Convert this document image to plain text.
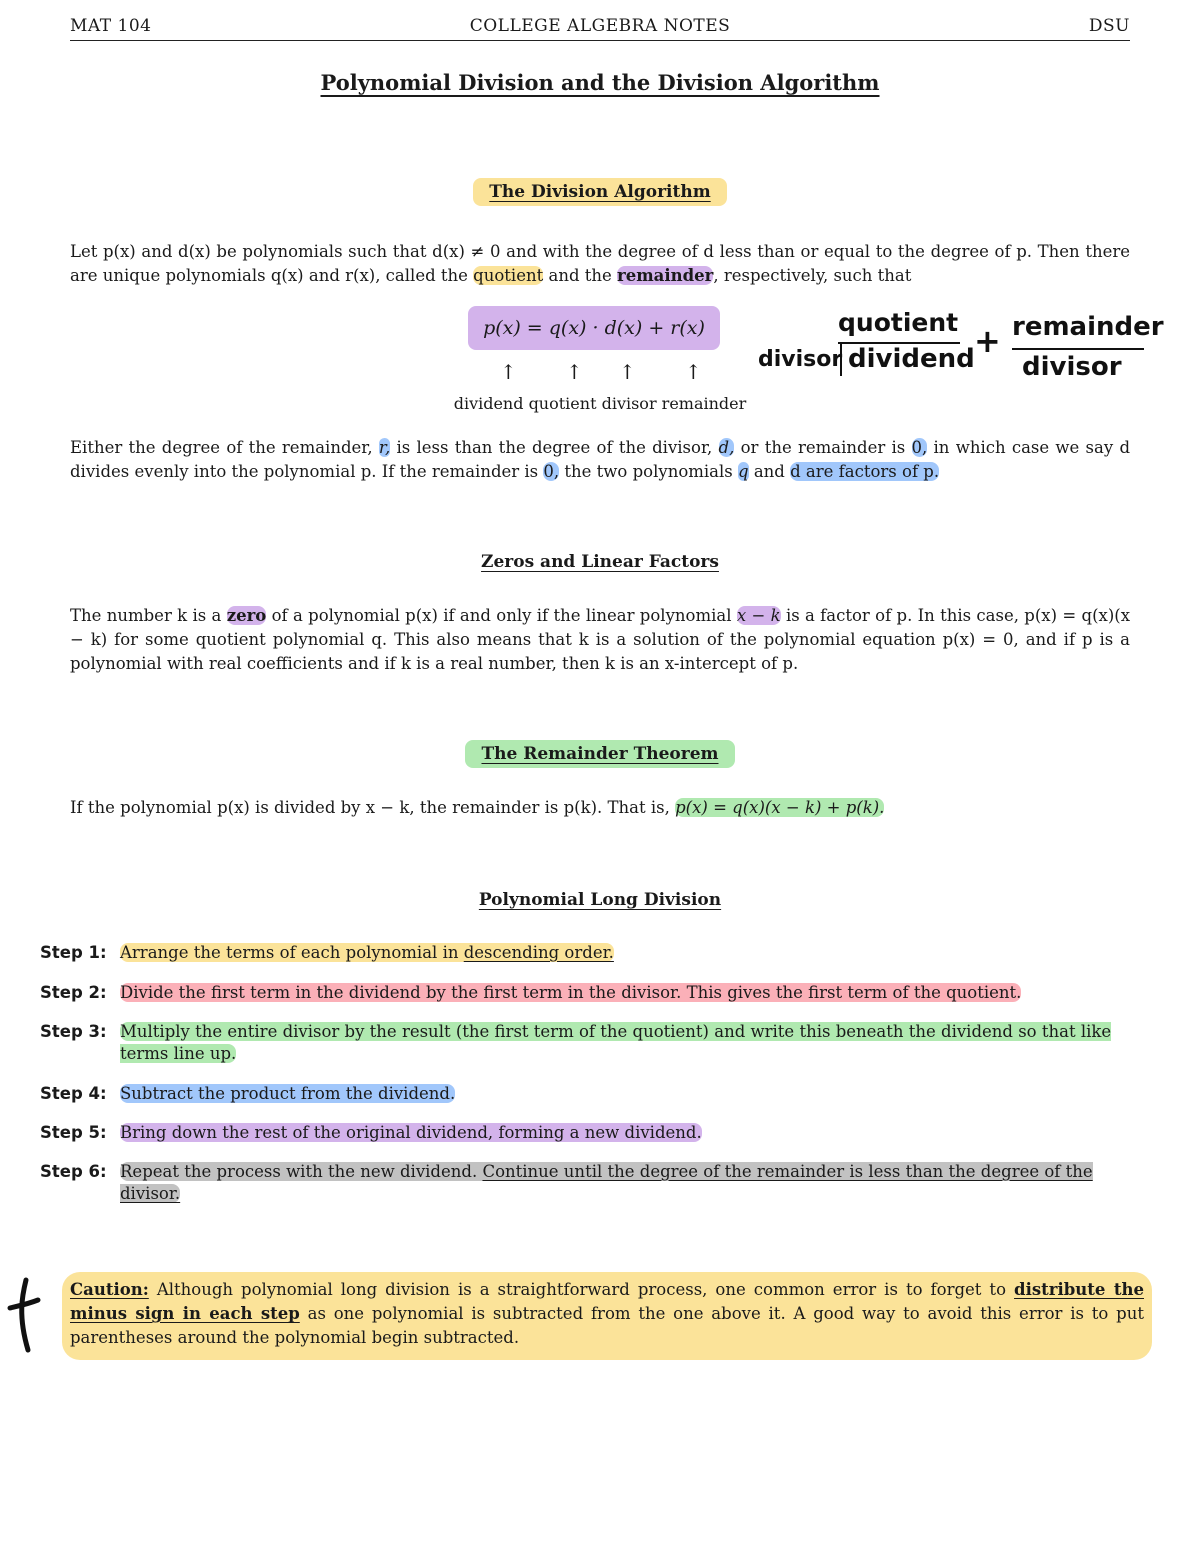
MAT 104	COLLEGE ALGEBRA NOTES	DSU
Polynomial Division and the Division Algorithm
The Division Algorithm
Let p(x) and d(x) be polynomials such that d(x) ≠ 0 and with the degree of d less than or equal to the degree of p. Then there are unique polynomials q(x) and r(x), called the quotient and the remainder, respectively, such that
p(x) = q(x) · d(x) + r(x)
↑ ↑ ↑ ↑
dividend quotient divisor remainder
quotient
divisor dividend + remainder
divisor
Either the degree of the remainder, r, is less than the degree of the divisor, d, or the remainder is 0, in which case we say d divides evenly into the polynomial p. If the remainder is 0, the two polynomials q and d are factors of p.
Zeros and Linear Factors
The number k is a zero of a polynomial p(x) if and only if the linear polynomial x − k is a factor of p. In this case, p(x) = q(x)(x − k) for some quotient polynomial q. This also means that k is a solution of the polynomial equation p(x) = 0, and if p is a polynomial with real coefficients and if k is a real number, then k is an x-intercept of p.
The Remainder Theorem
If the polynomial p(x) is divided by x − k, the remainder is p(k). That is, p(x) = q(x)(x − k) + p(k).
Polynomial Long Division
Step 1: Arrange the terms of each polynomial in descending order.
Step 2: Divide the first term in the dividend by the first term in the divisor. This gives the first term of the quotient.
Step 3: Multiply the entire divisor by the result (the first term of the quotient) and write this beneath the dividend so that like terms line up.
Step 4: Subtract the product from the dividend.
Step 5: Bring down the rest of the original dividend, forming a new dividend.
Step 6: Repeat the process with the new dividend. Continue until the degree of the remainder is less than the degree of the divisor.
Caution: Although polynomial long division is a straightforward process, one common error is to forget to distribute the minus sign in each step as one polynomial is subtracted from the one above it. A good way to avoid this error is to put parentheses around the polynomial begin subtracted.
